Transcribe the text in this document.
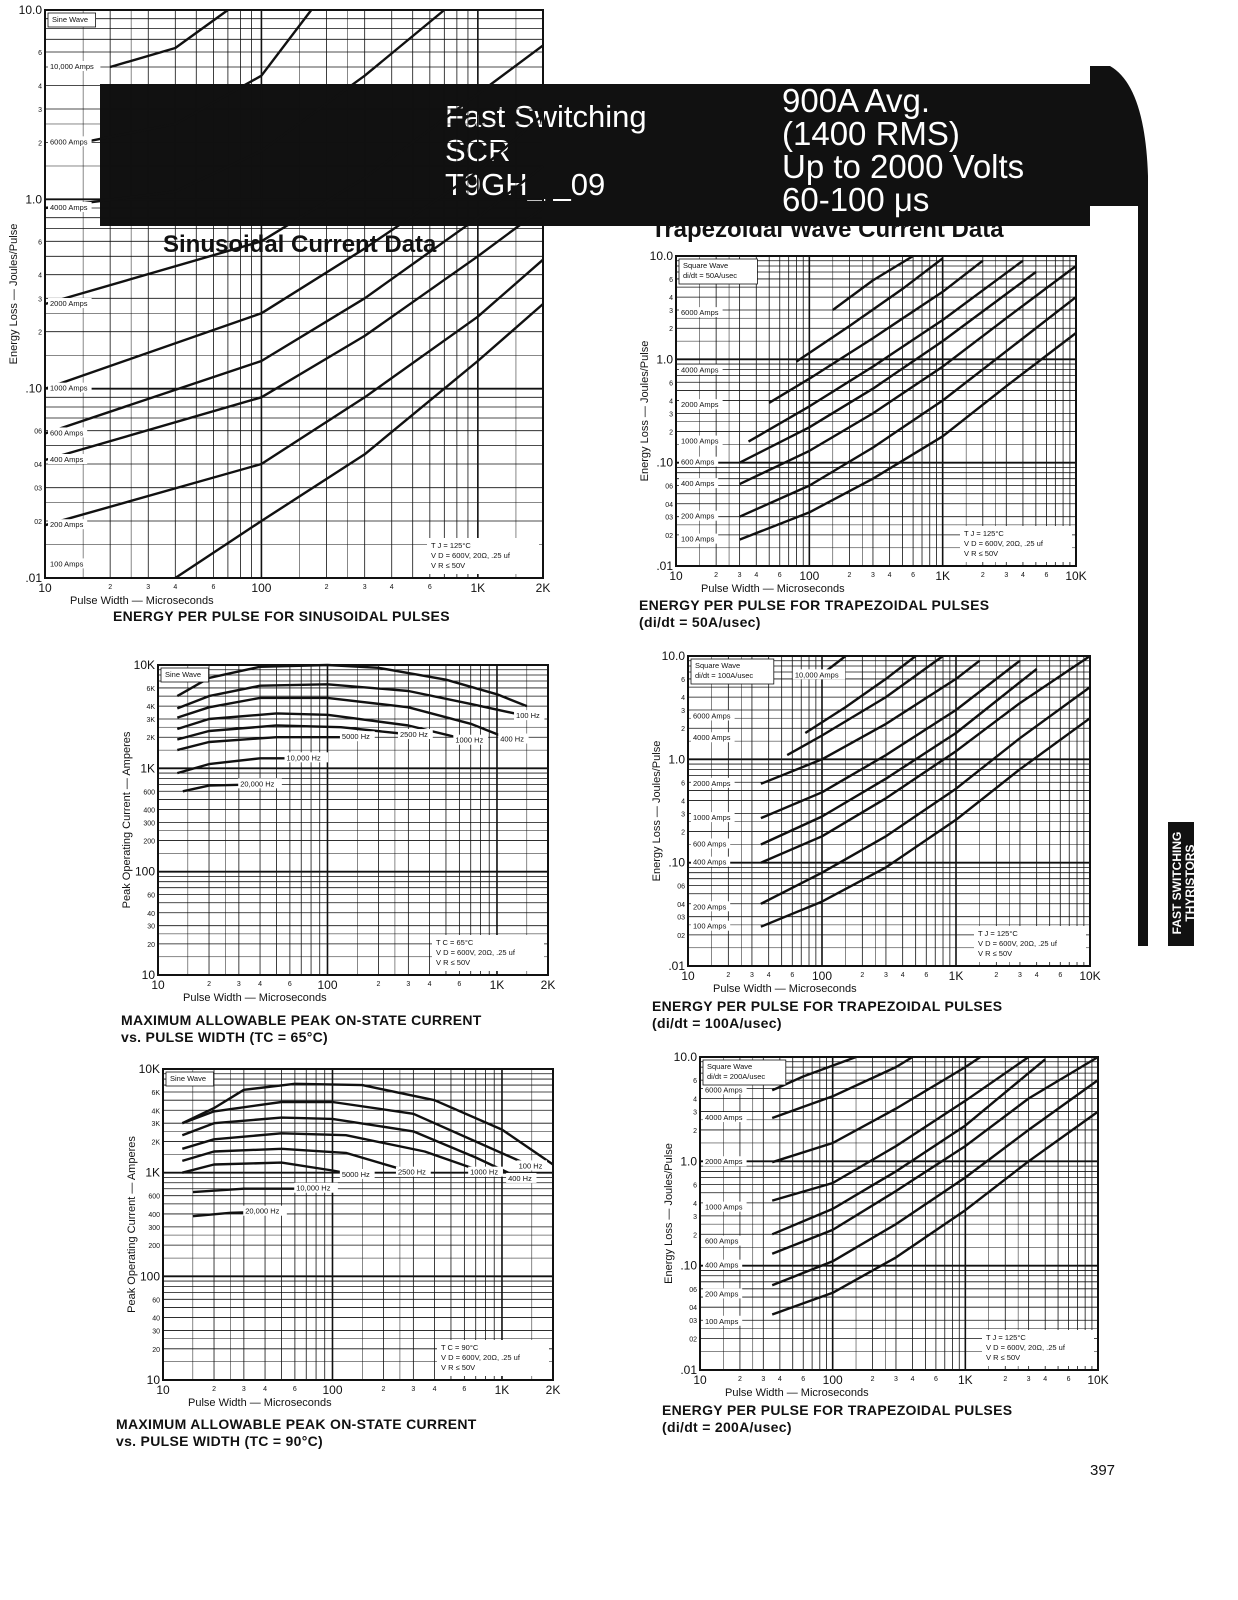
Fast Switching
SCR
T9GH_ _09
900A Avg.
(1400 RMS)
Up to 2000 Volts
60-100 μs
FAST SWITCHING
THYRISTORS
Sinusoidal Current Data
Trapezoidal Wave Current Data
10	2	3	4	6	100	2	3	4	6	1K	2K
10.0
6
4
3
2
1.0
6
4
3
2
.10
06
04
03
02
.01
Pulse Width — Microseconds
Energy Loss — Joules/Pulse
10,000 Amps
6000 Amps
4000 Amps
2000 Amps
1000 Amps
600 Amps
400 Amps
200 Amps
100 Amps
Sine Wave
T J = 125°C
V D = 600V, 20Ω, .25 uf
V R ≤ 50V
ENERGY PER PULSE FOR SINUSOIDAL PULSES
10	2	3 4	6 100	2	3 4	6 1K	2K
10K
6K
4K
3K
2K
1K
600
400
300
200
100
60
40
30
20
10
Pulse Width — Microseconds
Peak Operating Current — Amperes
100 Hz
400 Hz
1000 Hz
2500 Hz
5000 Hz
10,000 Hz
20,000 Hz
Sine Wave
T C = 65°C
V D = 600V, 20Ω, .25 uf
V R ≤ 50V
MAXIMUM ALLOWABLE PEAK ON-STATE CURRENT
vs. PULSE WIDTH (TC = 65°C)
10	2	3 4	6 100	2	3 4	6 1K	2K
10K
6K
4K
3K
2K
1K
600
400
300
200
100
60
40
30
20
10
Pulse Width — Microseconds
Peak Operating Current — Amperes	100 Hz
400 Hz
1000 Hz
2500 Hz
5000 Hz
10,000 Hz
20,000 Hz
Sine Wave
T C = 90°C
V D = 600V, 20Ω, .25 uf
V R ≤ 50V
MAXIMUM ALLOWABLE PEAK ON-STATE CURRENT
vs. PULSE WIDTH (TC = 90°C)
10	2	3 4	6 100	2	3 4	6 1K	2	3 4	6 10K
10.0
6
4
3
2
1.0
6
4
3
2
.10
06
04
03
02
.01
Pulse Width — Microseconds
Energy Loss — Joules/Pulse
6000 Amps
4000 Amps
2000 Amps
1000 Amps
600 Amps
400 Amps
200 Amps
100 Amps
Square Wave
di/dt = 50A/usec
T J = 125°C
V D = 600V, 20Ω, .25 uf
V R ≤ 50V
ENERGY PER PULSE FOR TRAPEZOIDAL PULSES
(di/dt = 50A/usec)
10	2	3 4	6 100	2	3 4	6 1K	2	3 4	6 10K
10.0
6
4
3
2
1.0
6
4
3
2
.10
06
04
03
02
.01
Pulse Width — Microseconds
Energy Loss — Joules/Pulse
10,000 Amps
6000 Amps
4000 Amps
2000 Amps
1000 Amps
600 Amps
400 Amps
200 Amps
100 Amps
Square Wave
di/dt = 100A/usec
T J = 125°C
V D = 600V, 20Ω, .25 uf
V R ≤ 50V
ENERGY PER PULSE FOR TRAPEZOIDAL PULSES
(di/dt = 100A/usec)
10	2	3 4	6 100	2	3 4	6 1K	2	3 4	6 10K
10.0
6
4
3
2
1.0
6
4
3
2
.10
06
04
03
02
.01
Pulse Width — Microseconds
Energy Loss — Joules/Pulse
6000 Amps
4000 Amps
2000 Amps
1000 Amps
600 Amps
400 Amps
200 Amps
100 Amps
Square Wave
di/dt = 200A/usec
T J = 125°C
V D = 600V, 20Ω, .25 uf
V R ≤ 50V
ENERGY PER PULSE FOR TRAPEZOIDAL PULSES
(di/dt = 200A/usec)
397
